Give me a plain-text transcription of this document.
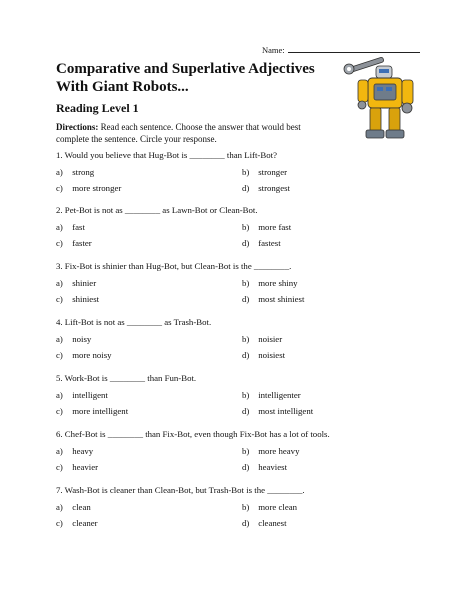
Name:
Comparative and Superlative Adjectives
With Giant Robots...
Reading Level 1
Directions: Read each sentence. Choose the answer that would best complete the sentence. Circle your response.
1. Would you believe that Hug-Bot is ________ than Lift-Bot?
a) strong	b) stronger
c) more stronger	d) strongest
2. Pet-Bot is not as ________ as Lawn-Bot or Clean-Bot.
a) fast	b) more fast
c) faster	d) fastest
3. Fix-Bot is shinier than Hug-Bot, but Clean-Bot is the ________.
a) shinier	b) more shiny
c) shiniest	d) most shiniest
4. Lift-Bot is not as ________ as Trash-Bot.
a) noisy	b) noisier
c) more noisy	d) noisiest
5. Work-Bot is ________ than Fun-Bot.
a) intelligent	b) intelligenter
c) more intelligent	d) most intelligent
6. Chef-Bot is ________ than Fix-Bot, even though Fix-Bot has a lot of tools.
a) heavy	b) more heavy
c) heavier	d) heaviest
7. Wash-Bot is cleaner than Clean-Bot, but Trash-Bot is the ________.
a) clean	b) more clean
c) cleaner	d) cleanest
